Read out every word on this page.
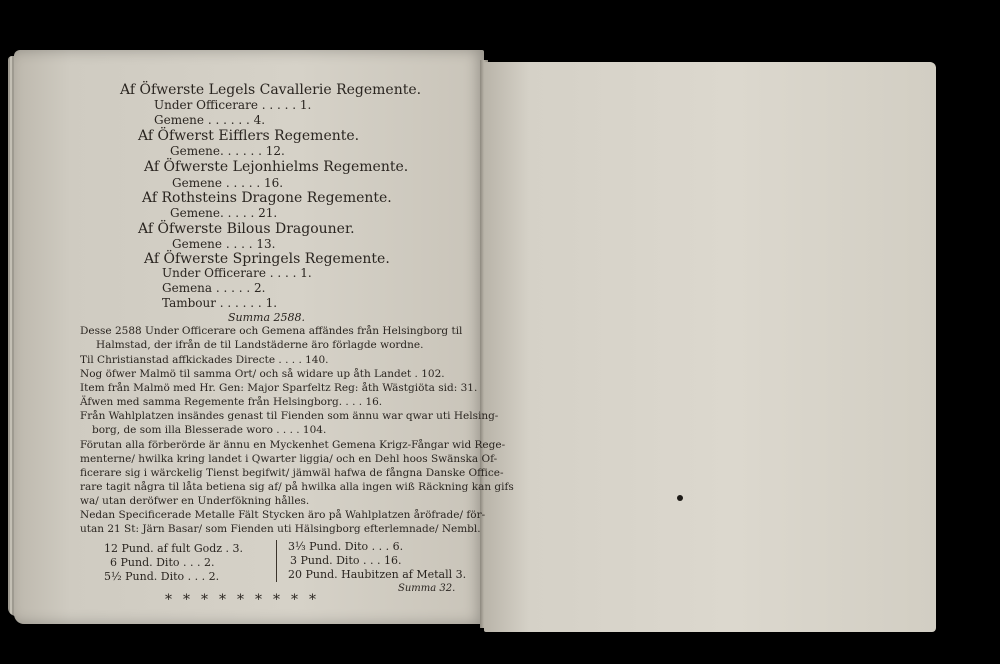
Af Öfwerste Legels Cavallerie Regemente.
Under Officerare . . . . . 1.
Gemene . . . . . . 4.
Af Öfwerst Eifflers Regemente.
Gemene. . . . . . 12.
Af Öfwerste Lejonhielms Regemente.
Gemene . . . . . 16.
Af Rothsteins Dragone Regemente.
Gemene. . . . . 21.
Af Öfwerste Bilous Dragouner.
Gemene . . . . 13.
Af Öfwerste Springels Regemente.
Under Officerare . . . . 1.
Gemena . . . . . 2.
Tambour . . . . . . 1.
Summa 2588.
Desse 2588 Under Officerare och Gemena affändes från Helsingborg til
Halmstad, der ifrån de til Landstäderne äro förlagde wordne.
Til Christianstad affkickades Directe . . . . 140.
Nog öfwer Malmö til samma Ort/ och så widare up åth Landet . 102.
Item från Malmö med Hr. Gen: Major Sparfeltz Reg: åth Wästgiöta sid: 31.
Äfwen med samma Regemente från Helsingborg. . . . 16.
Från Wahlplatzen insändes genast til Fienden som ännu war qwar uti Helsing-
borg, de som illa Blesserade woro . . . . 104.
Förutan alla förberörde är ännu en Myckenhet Gemena Krigz-Fångar wid Rege-
menterne/ hwilka kring landet i Qwarter liggia/ och en Dehl hoos Swänska Of-
ficerare sig i wärckelig Tienst begifwit/ jämwäl hafwa de fångna Danske Office-
rare tagit några til låta betiena sig af/ på hwilka alla ingen wiß Räckning kan gifs
wa/ utan deröfwer en Underfökning hålles.
Nedan Specificerade Metalle Fält Stycken äro på Wahlplatzen åröfrade/ för-
utan 21 St: Järn Basar/ som Fienden uti Hälsingborg efterlemnade/ Nembl.
12 Pund. af fult Godz . 3.
6 Pund. Dito . . . 2.
5½ Pund. Dito . . . 2.
3⅓ Pund. Dito . . . 6.
3 Pund. Dito . . . 16.
20 Pund. Haubitzen af Metall 3.
Summa 32.
*********
